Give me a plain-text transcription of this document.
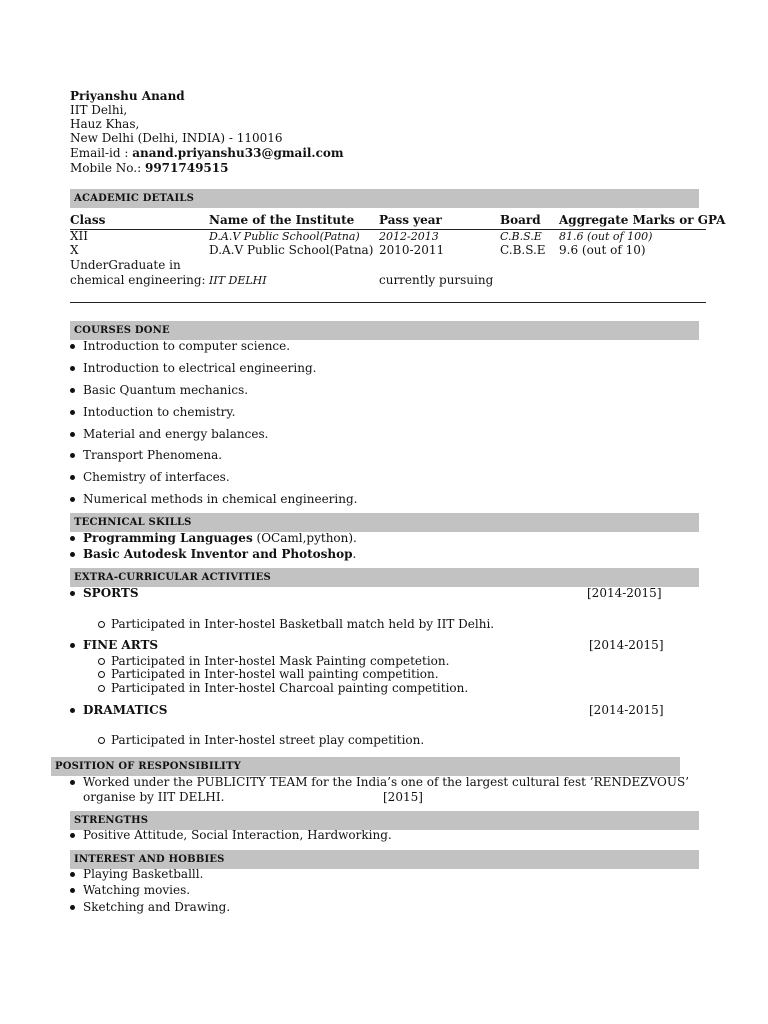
Priyanshu Anand
IIT Delhi,
Hauz Khas,
New Delhi (Delhi, INDIA) - 110016
Email-id : anand.priyanshu33@gmail.com
Mobile No.: 9971749515
ACADEMIC DETAILS
Class	Name of the Institute Pass year	Board Aggregate Marks or GPA
XII	D.A.V Public School(Patna) 2012-2013	C.B.S.E 81.6 (out of 100)
X	D.A.V Public School(Patna) 2010-2011	C.B.S.E 9.6 (out of 10)
UnderGraduate in
chemical engineering: IIT DELHI	currently pursuing
COURSES DONE
Introduction to computer science.
Introduction to electrical engineering.
Basic Quantum mechanics.
Intoduction to chemistry.
Material and energy balances.
Transport Phenomena.
Chemistry of interfaces.
Numerical methods in chemical engineering.
TECHNICAL SKILLS
Programming Languages (OCaml,python).
Basic Autodesk Inventor and Photoshop.
EXTRA-CURRICULAR ACTIVITIES
SPORTS	[2014-2015]
Participated in Inter-hostel Basketball match held by IIT Delhi.
FINE ARTS	[2014-2015]
Participated in Inter-hostel Mask Painting competetion.
Participated in Inter-hostel wall painting competition.
Participated in Inter-hostel Charcoal painting competition.
DRAMATICS	[2014-2015]
Participated in Inter-hostel street play competition.
POSITION OF RESPONSIBILITY
Worked under the PUBLICITY TEAM for the India’s one of the largest cultural fest ’RENDEZVOUS’
organise by IIT DELHI.	[2015]
STRENGTHS
Positive Attitude, Social Interaction, Hardworking.
INTEREST AND HOBBIES
Playing Basketballl.
Watching movies.
Sketching and Drawing.
